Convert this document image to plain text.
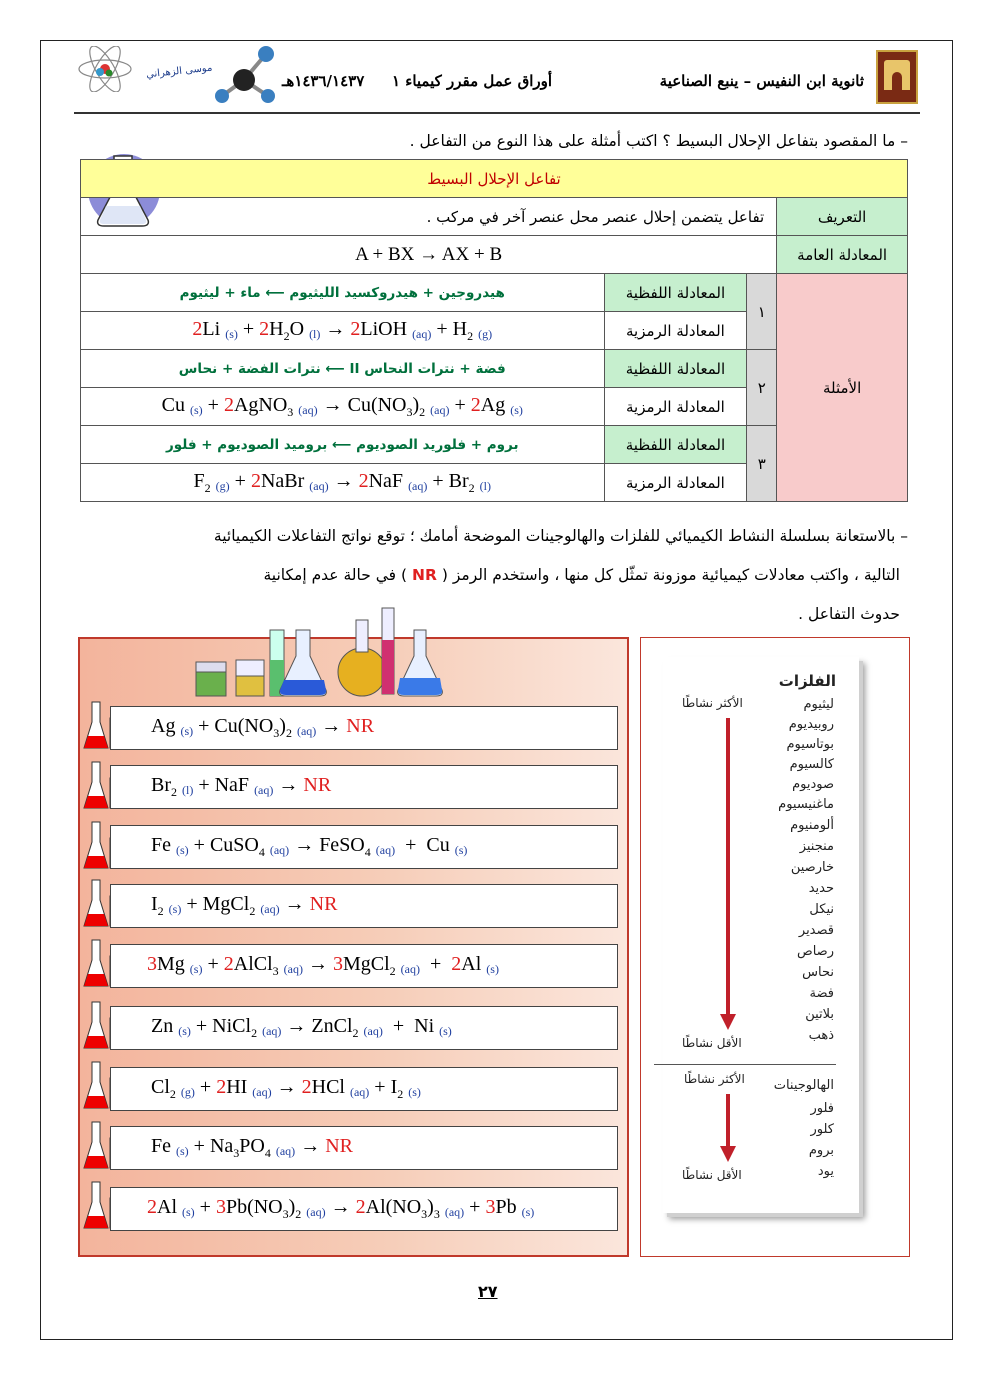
موسى الزهراني
١٤٣٦/١٤٣٧هـ أوراق عمل مقرر كيمياء ١	ثانوية ابن النفيس – ينبع الصناعية
– ما المقصود بتفاعل الإحلال البسيط ؟ اكتب أمثلة على هذا النوع من التفاعل .
تفاعل الإحلال البسيط			
تفاعل يتضمن إحلال عنصر محل عنصر آخر في مركب .			التعريف
A + BX → AX + B			المعادلة العامة
هيدروجين + هيدروكسيد الليثيوم ⟵ ماء + ليثيوم	المعادلة اللفظية	١	الأمثلة
2Li $(s) + 2H_2O$ (l) → 2LiOH $(aq) + H_2$ (g)	المعادلة الرمزية		
فضة + نترات النحاس II ⟵ نترات الفضة + نحاس	المعادلة اللفظية	٢	
Cu (s) + 2AgNO$_3$ $(aq) \to Cu(NO_3)_2$ (aq) + 2Ag (s)	المعادلة الرمزية		
بروم + فلوريد الصوديوم ⟵ بروميد الصوديوم + فلور	المعادلة اللفظية	٣	
$F_2$ (g) + 2NaBr (aq) → 2NaF $(aq) + Br_2$ (l)	المعادلة الرمزية		
– بالاستعانة بسلسلة النشاط الكيميائي للفلزات والهالوجينات الموضحة أمامك ؛ توقع نواتج التفاعلات الكيميائية
التالية ، واكتب معادلات كيميائية موزونة تمثّل كل منها ، واستخدم الرمز ( NR ) في حالة عدم إمكانية
حدوث التفاعل .
Ag $(s) + Cu(NO_3)_2$ (aq) → NR
$Br_2$ (l) + NaF (aq) → NR
Fe (s) + CuSO$_4$ (aq) → FeSO$_4$ (aq)  +  Cu (s)
$I_2$ (s) + MgCl$_2$ (aq) → NR
3Mg (s) + 2AlCl$_3$ (aq) → 3MgCl$_2$ (aq)  +  2Al (s)
Zn (s) + NiCl$_2$ (aq) → ZnCl$_2$ (aq)  +  Ni (s)
$Cl_2$ (g) + 2HI (aq) → 2HCl $(aq) + I_2$ (s)
Fe $(s) + Na_3PO_4$ (aq) → NR
2Al $(s) + 3Pb(NO_3)_2$ $(aq) \to 2Al(NO_3)_3$ (aq) + 3Pb (s)
الفلزات
الأكثر نشاطًا	ليثيوم
روبيديوم
بوتاسيوم
كالسيوم
صوديوم
ماغنيسيوم
ألومنيوم
منجنيز
خارصين
حديد
نيكل
قصدير
رصاص
نحاس
فضة
بلاتين
ذهب
الأقل نشاطًا
الأكثر نشاطًا الهالوجينات
فلور
كلور
بروم
يود
الأقل نشاطًا
٢٧
